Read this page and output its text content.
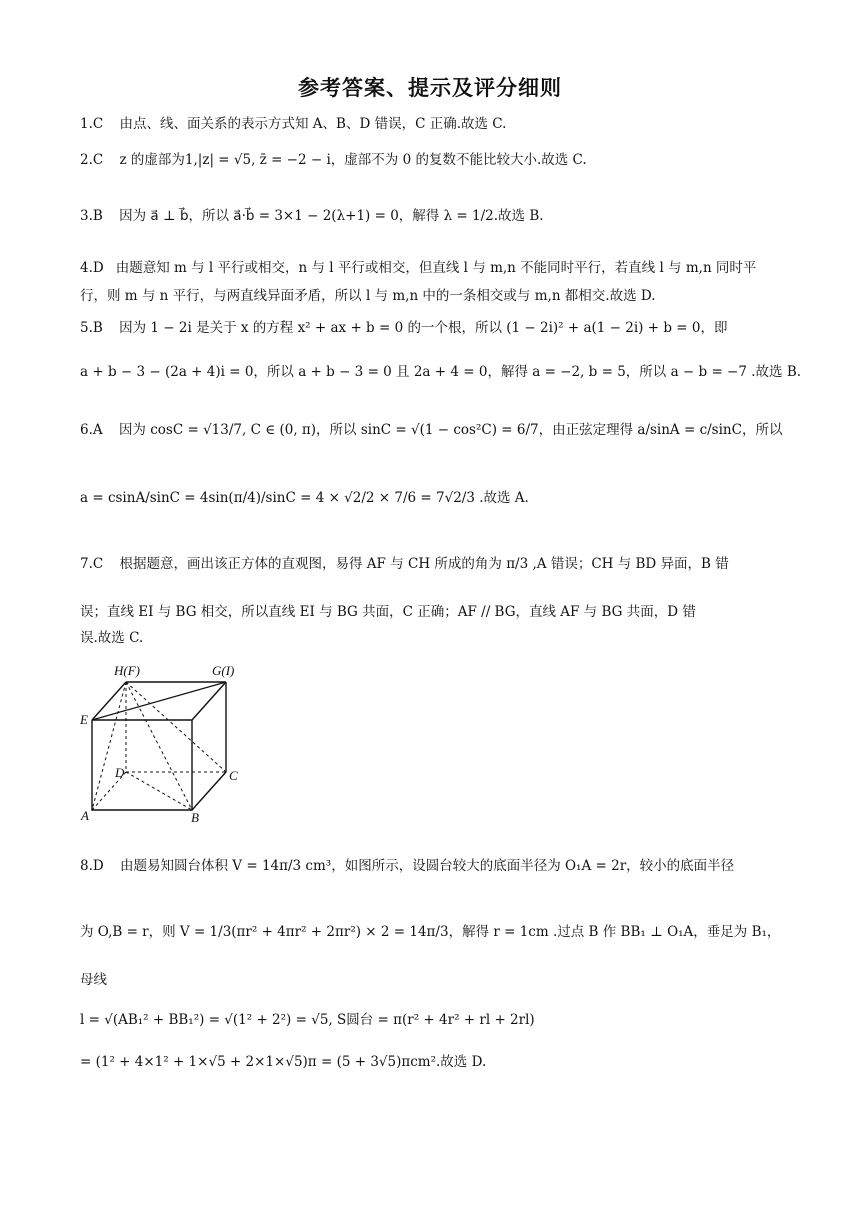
参考答案、提示及评分细则
1.C 由点、线、面关系的表示方式知 A、B、D 错误，C 正确.故选 C.
2.C z 的虚部为1,|z| = √5, z̄ = −2 − i，虚部不为 0 的复数不能比较大小.故选 C.
3.B 因为 a⃗ ⊥ b⃗，所以 a⃗·b⃗ = 3×1 − 2(λ+1) = 0，解得 λ = 1/2.故选 B.
4.D 由题意知 m 与 l 平行或相交，n 与 l 平行或相交，但直线 l 与 m,n 不能同时平行，若直线 l 与 m,n 同时平行，则 m 与 n 平行，与两直线异面矛盾，所以 l 与 m,n 中的一条相交或与 m,n 都相交.故选 D.
5.B 因为 1 − 2i 是关于 x 的方程 x² + ax + b = 0 的一个根，所以 (1 − 2i)² + a(1 − 2i) + b = 0，即
a + b − 3 − (2a + 4)i = 0，所以 a + b − 3 = 0 且 2a + 4 = 0，解得 a = −2, b = 5，所以 a − b = −7 .故选 B.
6.A 因为 cosC = √13/7, C ∈ (0, π)，所以 sinC = √(1 − cos²C) = 6/7，由正弦定理得 a/sinA = c/sinC，所以
a = csinA/sinC = 4sin(π/4)/sinC = 4 × √2/2 × 7/6 = 7√2/3 .故选 A.
7.C 根据题意，画出该正方体的直观图，易得 AF 与 CH 所成的角为 π/3 ,A 错误；CH 与 BD 异面，B 错
误；直线 EI 与 BG 相交，所以直线 EI 与 BG 共面，C 正确；AF // BG，直线 AF 与 BG 共面，D 错
误.故选 C.
H(F)	G(I)
E
D	C
A	B
8.D 由题易知圆台体积 V = 14π/3 cm³，如图所示，设圆台较大的底面半径为 O₁A = 2r，较小的底面半径
为 O,B = r，则 V = 1/3(πr² + 4πr² + 2πr²) × 2 = 14π/3，解得 r = 1cm .过点 B 作 BB₁ ⊥ O₁A，垂足为 B₁，
母线
l = √(AB₁² + BB₁²) = √(1² + 2²) = √5, S圆台 = π(r² + 4r² + rl + 2rl)
= (1² + 4×1² + 1×√5 + 2×1×√5)π = (5 + 3√5)πcm².故选 D.
